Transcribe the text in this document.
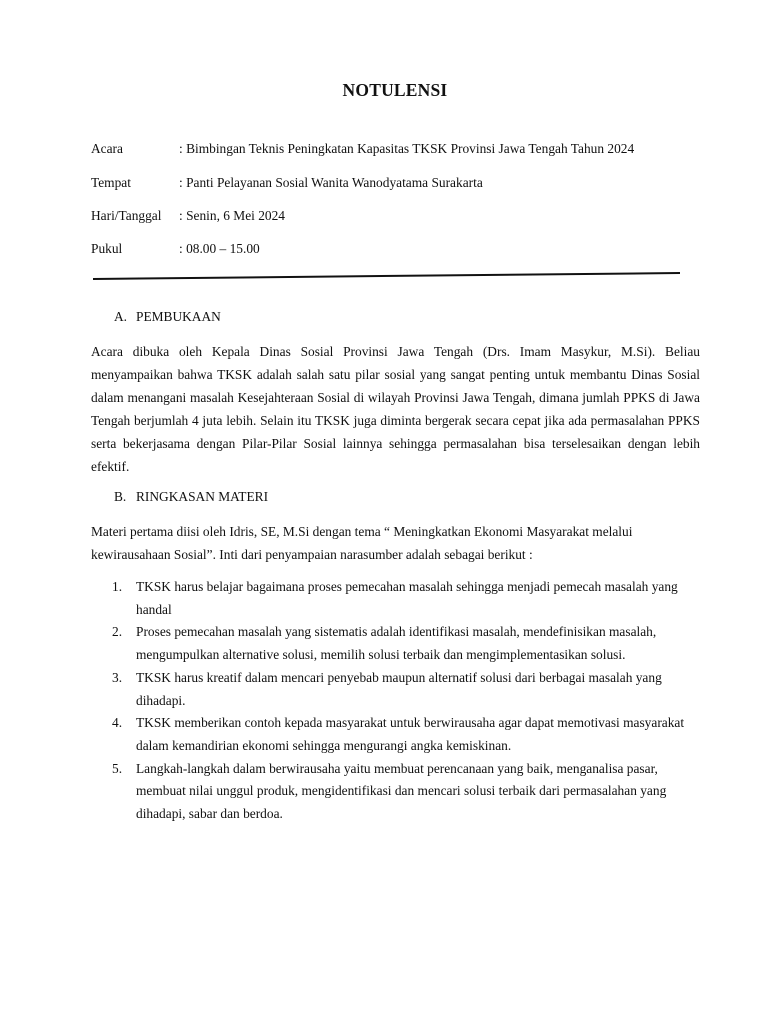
NOTULENSI
Acara	: Bimbingan Teknis Peningkatan Kapasitas TKSK Provinsi Jawa Tengah Tahun 2024
Tempat	: Panti Pelayanan Sosial Wanita Wanodyatama Surakarta
Hari/Tanggal	: Senin, 6 Mei 2024
Pukul	: 08.00 – 15.00
A. PEMBUKAAN
Acara dibuka oleh Kepala Dinas Sosial Provinsi Jawa Tengah (Drs. Imam Masykur, M.Si). Beliau menyampaikan bahwa TKSK adalah salah satu pilar sosial yang sangat penting untuk membantu Dinas Sosial dalam menangani masalah Kesejahteraan Sosial di wilayah Provinsi Jawa Tengah, dimana jumlah PPKS di Jawa Tengah berjumlah 4 juta lebih. Selain itu TKSK juga diminta bergerak secara cepat jika ada permasalahan PPKS serta bekerjasama dengan Pilar-Pilar Sosial lainnya sehingga permasalahan bisa terselesaikan dengan lebih efektif.
B. RINGKASAN MATERI
Materi pertama diisi oleh Idris, SE, M.Si dengan tema “ Meningkatkan Ekonomi Masyarakat melalui kewirausahaan Sosial”. Inti dari penyampaian narasumber adalah sebagai berikut :
1.	TKSK harus belajar bagaimana proses pemecahan masalah sehingga menjadi pemecah masalah yang handal
2.	Proses pemecahan masalah yang sistematis adalah identifikasi masalah, mendefinisikan masalah, mengumpulkan alternative solusi, memilih solusi terbaik dan mengimplementasikan solusi.
3.	TKSK harus kreatif dalam mencari penyebab maupun alternatif solusi dari berbagai masalah yang dihadapi.
4.	TKSK memberikan contoh kepada masyarakat untuk berwirausaha agar dapat memotivasi masyarakat dalam kemandirian ekonomi sehingga mengurangi angka kemiskinan.
5.	Langkah-langkah dalam berwirausaha yaitu membuat perencanaan yang baik, menganalisa pasar, membuat nilai unggul produk, mengidentifikasi dan mencari solusi terbaik dari permasalahan yang dihadapi, sabar dan berdoa.
